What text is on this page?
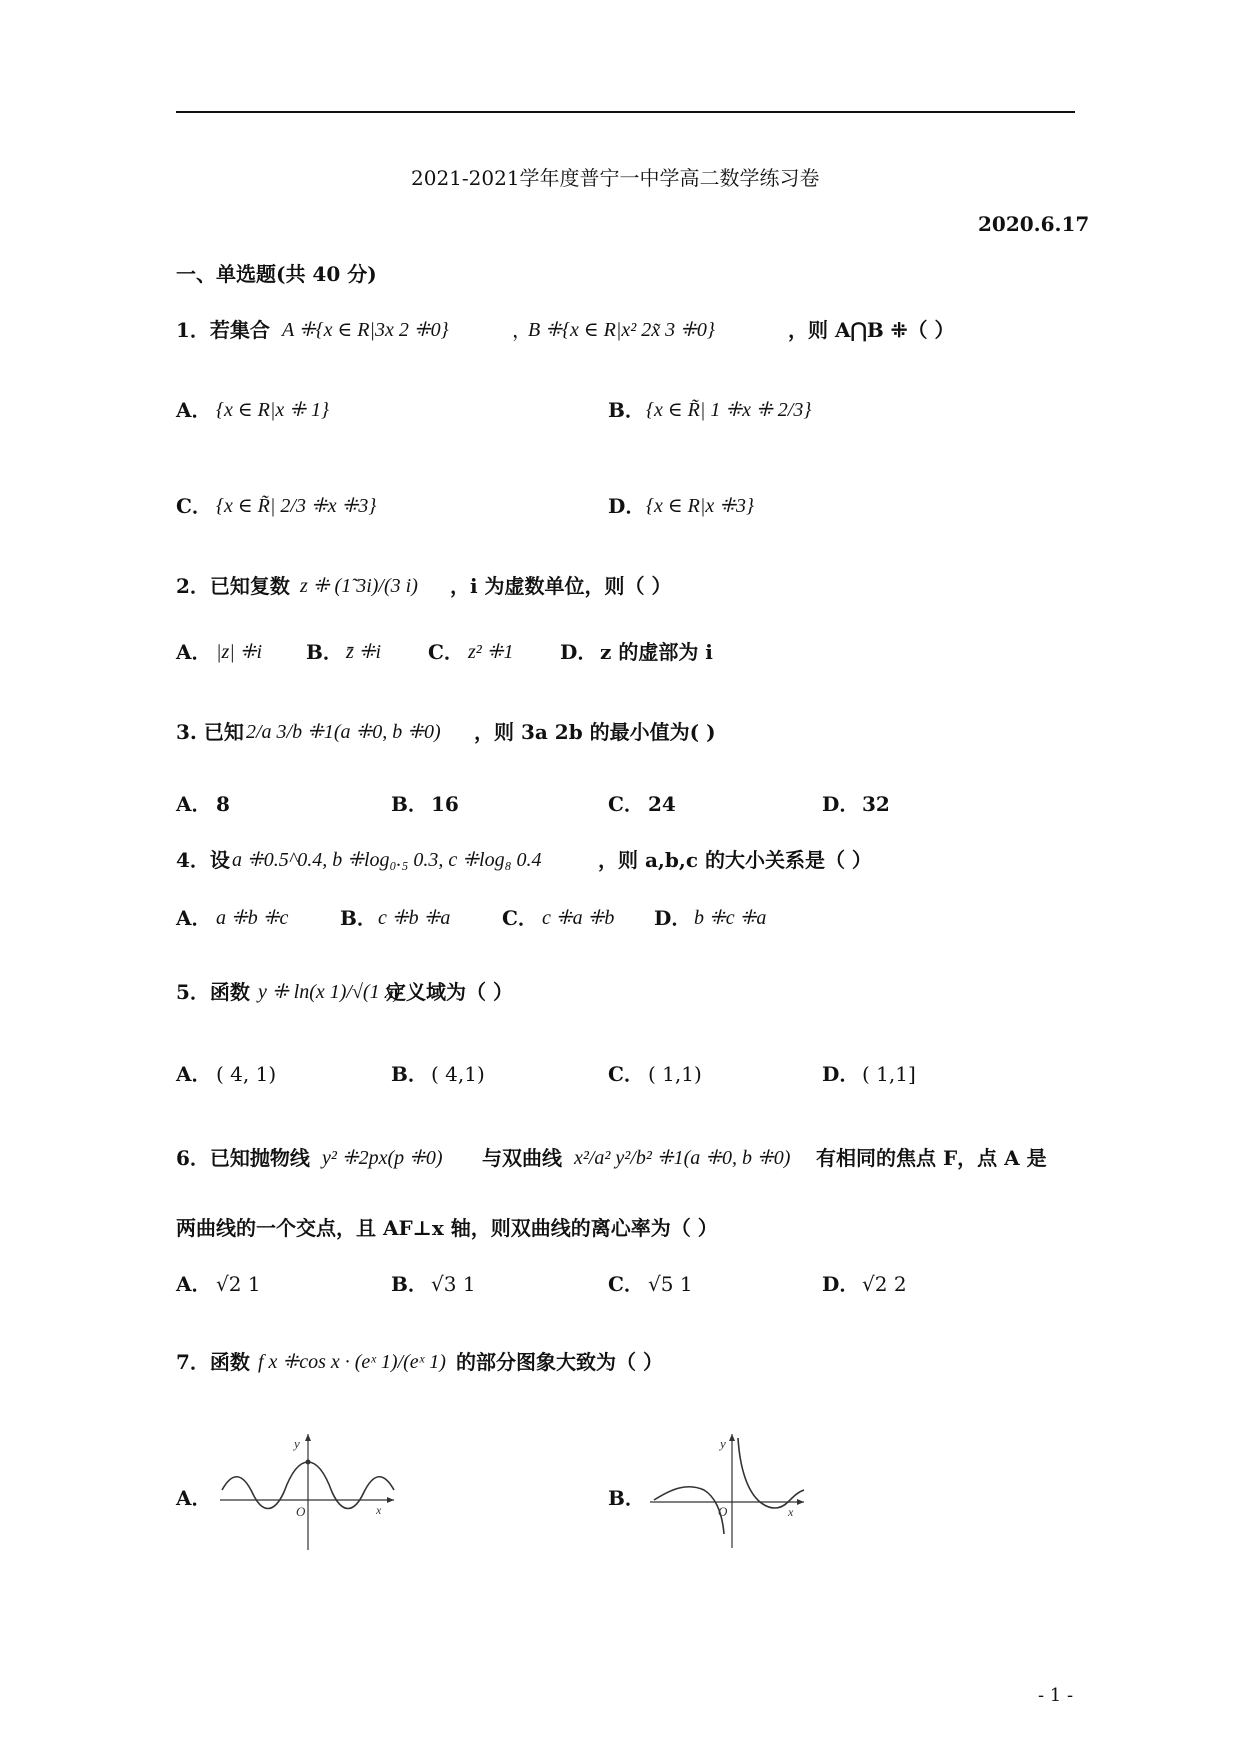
2021-2021学年度普宁一中学高二数学练习卷
2020.6.17
一、单选题(共 40 分)
1．若集合 A ⁜{x ∈ R|3x 2 ⁜0}	，
B ⁜{x ∈ R|x² 2x̃ 3 ⁜0}	，则 A⋂B ⁜（ ）
A． {x ∈ R|x ⁜ 1}	B． {x ∈ R̃| 1 ⁜x ⁜ 2/3}
C． {x ∈ R̃| 2/3 ⁜x ⁜3}	D． {x ∈ R|x ⁜3}
2．已知复数 z ⁜ (1̃ 3i)/(3 i) ，i 为虚数单位，则（ ）
A． |z| ⁜i B． z̄ ⁜i C． z² ⁜1 D． z 的虚部为 i
3. 已知 2/a 3/b ⁜1(a ⁜0, b ⁜0) ，则 3a 2b 的最小值为( )
A． 8	B． 16	C． 24	D． 32
4．设 a ⁜0.5^0.4, b ⁜log₀.₅ 0.3, c ⁜log₈ 0.4	，则 a,b,c 的大小关系是（ ）
A． a ⁜b ⁜c	B． c ⁜b ⁜a	C． c ⁜a ⁜b D． b ⁜c ⁜a
5．函数 y ⁜ ln(x 1)/√(1 x)
定义域为（ ）
A． ( 4, 1)	B． ( 4,1)	C． ( 1,1)	D． ( 1,1]
6．已知抛物线 y² ⁜2px(p ⁜0) 与双曲线 x²/a² y²/b² ⁜1(a ⁜0, b ⁜0) 有相同的焦点 F，点 A 是
两曲线的一个交点，且 AF⊥x 轴，则双曲线的离心率为（ ）
A． √2 1	B． √3 1	C． √5 1	D． √2 2
7．函数 f x ⁜cos x · (eˣ 1)/(eˣ 1) 的部分图象大致为（ ）
A．
y
O	x	B．
y
O	x
- 1 -
